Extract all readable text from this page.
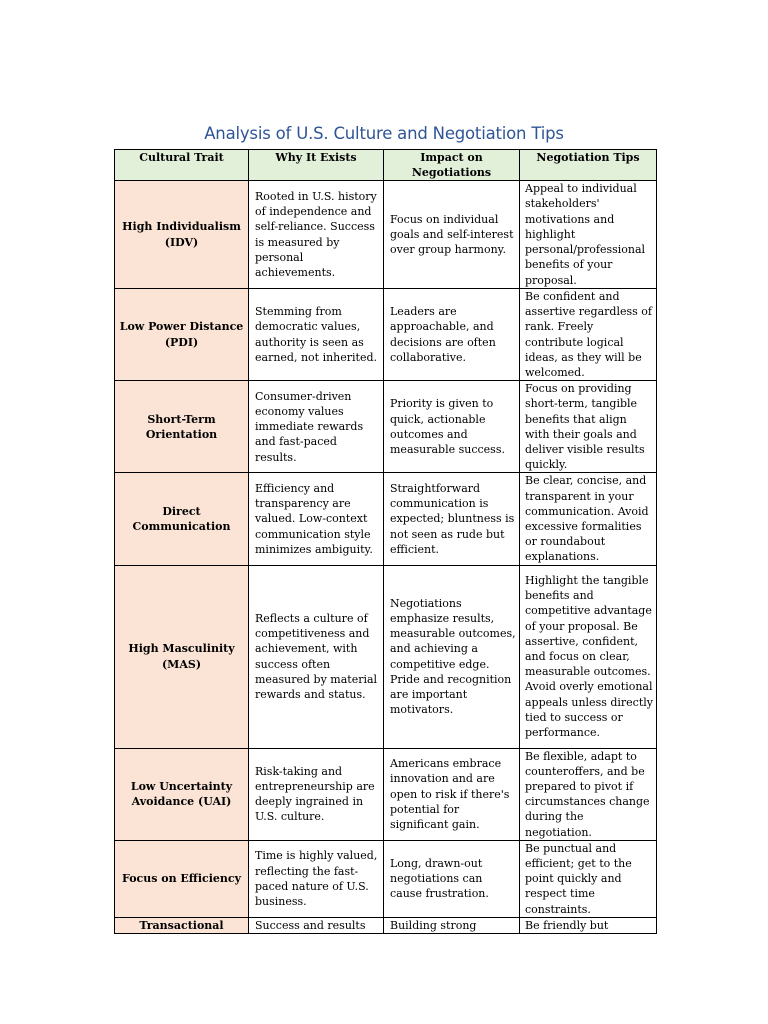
Analysis of U.S. Culture and Negotiation Tips
Cultural Trait	Why It Exists	Impact on Negotiations	Negotiation Tips
High Individualism (IDV)	Rooted in U.S. history of independence and self-reliance. Success is measured by personal achievements.	Focus on individual goals and self-interest over group harmony.	Appeal to individual stakeholders' motivations and highlight personal/professional benefits of your proposal.
Low Power Distance (PDI)	Stemming from democratic values, authority is seen as earned, not inherited.	Leaders are approachable, and decisions are often collaborative.	Be confident and assertive regardless of rank. Freely contribute logical ideas, as they will be welcomed.
Short-Term Orientation	Consumer-driven economy values immediate rewards and fast-paced results.	Priority is given to quick, actionable outcomes and measurable success.	Focus on providing short-term, tangible benefits that align with their goals and deliver visible results quickly.
Direct Communication	Efficiency and transparency are valued. Low-context communication style minimizes ambiguity.	Straightforward communication is expected; bluntness is not seen as rude but efficient.	Be clear, concise, and transparent in your communication. Avoid excessive formalities or roundabout explanations.
High Masculinity (MAS)	Reflects a culture of competitiveness and achievement, with success often measured by material rewards and status.	Negotiations emphasize results, measurable outcomes, and achieving a competitive edge. Pride and recognition are important motivators.	Highlight the tangible benefits and competitive advantage of your proposal. Be assertive, confident, and focus on clear, measurable outcomes. Avoid overly emotional appeals unless directly tied to success or performance.
Low Uncertainty Avoidance (UAI)	Risk-taking and entrepreneurship are deeply ingrained in U.S. culture.	Americans embrace innovation and are open to risk if there's potential for significant gain.	Be flexible, adapt to counteroffers, and be prepared to pivot if circumstances change during the negotiation.
Focus on Efficiency	Time is highly valued, reflecting the fast-paced nature of U.S. business.	Long, drawn-out negotiations can cause frustration.	Be punctual and efficient; get to the point quickly and respect time constraints.
Transactional	Success and results	Building strong	Be friendly but
